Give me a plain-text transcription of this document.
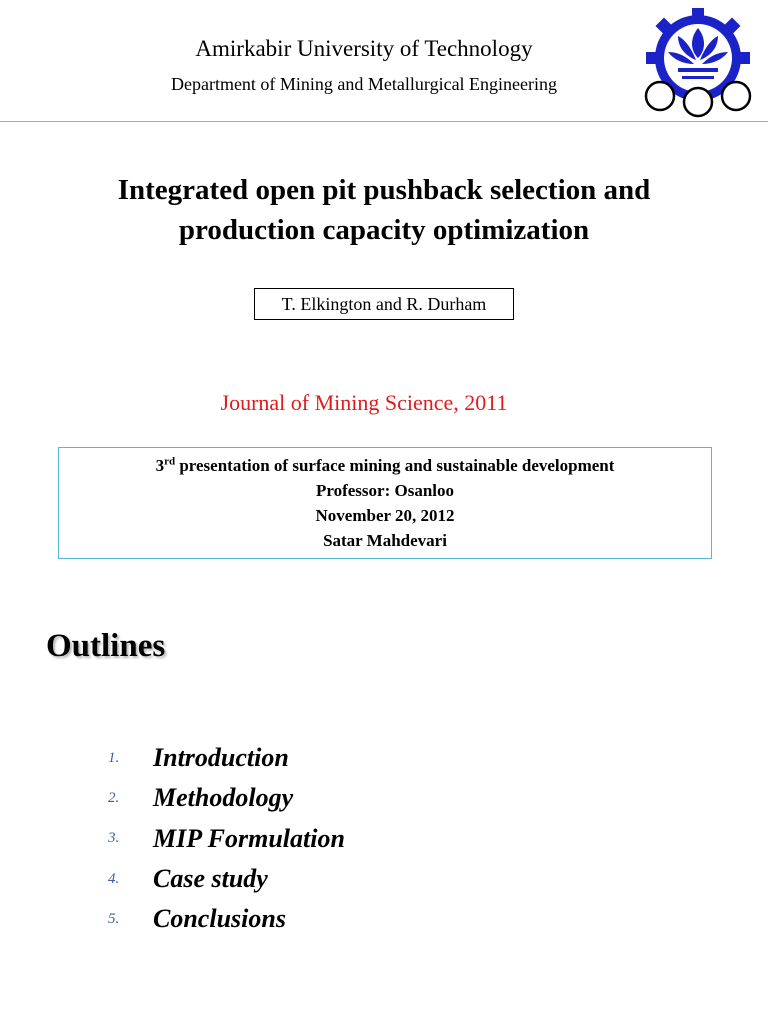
Amirkabir University of Technology
Department of Mining and Metallurgical Engineering
Integrated open pit pushback selection and
production capacity optimization
T. Elkington and R. Durham
Journal of Mining Science, 2011
3rd presentation of surface mining and sustainable development
Professor: Osanloo
November 20, 2012
Satar Mahdevari
Outlines
1.	Introduction
2.	Methodology
3.	MIP Formulation
4.	Case study
5.	Conclusions
